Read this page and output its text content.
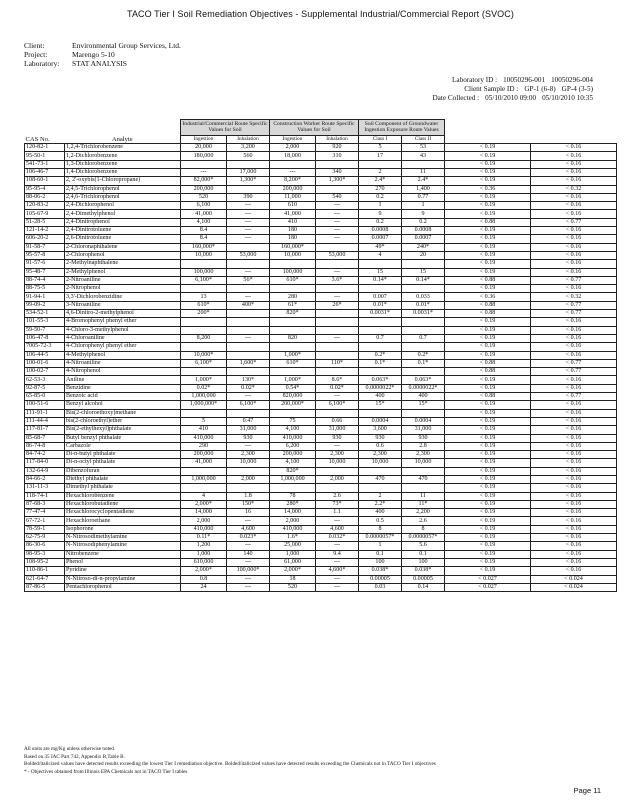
TACO Tier I Soil Remediation Objectives - Supplemental Industrial/Commercial Report (SVOC)
Client:	Environmental Group Services, Ltd.
Project:	Marengo 5-10
Laboratory: STAT ANALYSIS
Laboratory ID : 10050296-001 10050296-004
Client Sample ID : GP-1 (6-8) GP-4 (3-5)
Date Collected : 05/10/2010 09:00 05/10/2010 10:35
		Industrial/Commercial Route Specific Values for Soil		Construction Worker Route Specific Values for Soil		Soil Component of Groundwater Ingestion Exposure Route Values			
CAS No.	Analyte	Ingestion	Inhalation	Ingestion	Inhalation	Class I	Class II		
120-82-1	1,2,4-Trichlorobenzene	20,000	3,200	2,000	920	5	53	< 0.19	< 0.16
95-50-1	1,2-Dichlorobenzene	180,000	560	18,000	310	17	43	< 0.19	< 0.16
541-73-1	1,3-Dichlorobenzene							< 0.19	< 0.16
106-46-7	1,4-Dichlorobenzene	---	17,000	---	340	2	11	< 0.19	< 0.16
108-60-1	2, 2'-oxybis(1-Chloropropane)	82,000*	1,300*	8,200*	1,300*	2.4*	2.4*	< 0.19	< 0.16
95-95-4	2,4,5-Trichlorophenol	200,000		200,000		270	1,400	< 0.36	< 0.32
88-06-2	2,4,6-Trichlorophenol	520	390	11,000	540	0.2	0.77	< 0.19	< 0.16
120-83-2	2,4-Dichlorophenol	6,100	---	610	---	1	1	< 0.19	< 0.16
105-67-9	2,4-Dimethylphenol	41,000	---	41,000	---	9	9	< 0.19	< 0.16
51-28-5	2,4-Dinitrophenol	4,100	---	410	---	0.2	0.2	< 0.88	< 0.77
121-14-2	2,4-Dinitrotoluene	8.4	---	180	---	0.0008	0.0008	< 0.19	< 0.16
606-20-2	2,6-Dinitrotoluene	8.4	---	180	---	0.0007	0.0007	< 0.19	< 0.16
91-58-7	2-Chloronaphthalene	160,000*		160,000*		49*	240*	< 0.19	< 0.16
95-57-8	2-Chlorophenol	10,000	53,000	10,000	53,000	4	20	< 0.19	< 0.16
91-57-6	2-Methylnaphthalene							< 0.19	< 0.16
95-48-7	2-Methylphenol	100,000	---	100,000	---	15	15	< 0.19	< 0.16
88-74-4	2-Nitroaniline	6,100*	56*	610*	3.6*	0.14*	0.14*	< 0.88	< 0.77
88-75-5	2-Nitrophenol							< 0.19	< 0.16
91-94-1	3,3'-Dichlorobenzidine	13	---	280	---	0.007	0.033	< 0.36	< 0.32
99-09-2	3-Nitroaniline	610*	400*	61*	26*	0.01*	0.01*	< 0.88	< 0.77
534-52-1	4,6-Dinitro-2-methylphenol	200*		820*		0.0031*	0.0031*	< 0.88	< 0.77
101-55-3	4-Bromophenyl phenyl ether							< 0.19	< 0.16
59-50-7	4-Chloro-3-methylphenol							< 0.19	< 0.16
106-47-8	4-Chloroaniline	8,200	---	820	---	0.7	0.7	< 0.19	< 0.16
7005-72-3	4-Chlorophenyl phenyl ether							< 0.19	< 0.16
106-44-5	4-Methylphenol	10,000*		1,000*		0.2*	0.2*	< 0.19	< 0.16
100-01-6	4-Nitroaniline	6,100*	1,600*	610*	110*	0.1*	0.1*	< 0.88	< 0.77
100-02-7	4-Nitrophenol							< 0.88	< 0.77
62-53-3	Aniline	1,000*	130*	1,000*	8.6*	0.063*	0.063*	< 0.19	< 0.16
92-87-5	Benzidine	0.02*	0.02*	0.54*	0.02*	0.0000022*	0.0000022*	< 0.19	< 0.16
65-85-0	Benzoic acid	1,000,000	---	820,000	---	400	400	< 0.88	< 0.77
100-51-6	Benzyl alcohol	1,000,000*	6,100*	200,000*	6,100*	15*	15*	< 0.19	< 0.16
111-91-1	Bis(2-chloroethoxy)methane							< 0.19	< 0.16
111-44-4	bis(2-chloroethyl)ether	5	0.47	75	0.66	0.0004	0.0004	< 0.19	< 0.16
117-81-7	Bis(2-ethylhexyl)phthalate	410	31,000	4,100	31,000	3,600	31,000	< 0.19	< 0.16
85-68-7	Butyl benzyl phthalate	410,000	930	410,000	930	930	930	< 0.19	< 0.16
86-74-8	Carbazole	290	---	6,200	---	0.6	2.8	< 0.19	< 0.16
84-74-2	Di-n-butyl phthalate	200,000	2,300	200,000	2,300	2,300	2,300	< 0.19	< 0.16
117-84-0	Di-n-octyl phthalate	41,000	10,000	4,100	10,000	10,000	10,000	< 0.19	< 0.16
132-64-9	Dibenzofuran			820*				< 0.19	< 0.16
84-66-2	Diethyl phthalate	1,000,000	2,000	1,000,000	2,000	470	470	< 0.19	< 0.16
131-11-3	Dimethyl phthalate							< 0.19	< 0.16
118-74-1	Hexachlorobenzene	4	1.8	78	2.6	2	11	< 0.19	< 0.16
87-68-3	Hexachlorobutadiene	2,000*	150*	280*	73*	2.2*	11*	< 0.19	< 0.16
77-47-4	Hexachlorocyclopentadiene	14,000	16	14,000	1.1	400	2,200	< 0.19	< 0.16
67-72-1	Hexachloroethane	2,000	---	2,000	---	0.5	2.6	< 0.19	< 0.16
78-59-1	Isophorone	410,000	4,600	410,000	4,600	8	8	< 0.19	< 0.16
62-75-9	N-Nitrosodimethylamine	0.11*	0.023*	1.6*	0.032*	0.0000057*	0.0000057*	< 0.19	< 0.16
86-30-6	N-Nitrosodiphenylamine	1,200	---	25,000	---	1	5.6	< 0.19	< 0.16
98-95-3	Nitrobenzene	1,000	140	1,000	9.4	0.1	0.1	< 0.19	< 0.16
108-95-2	Phenol	610,000	---	61,000	---	100	100	< 0.19	< 0.16
110-86-1	Pyridine	2,000*	100,000*	2,000*	4,600*	0.038*	0.038*	< 0.19	< 0.16
621-64-7	N-Nitroso-di-n-propylamine	0.8	---	18	---	0.00005	0.00005	< 0.027	< 0.024
87-86-5	Pentachlorophenol	24	---	520	---	0.03	0.14	< 0.027	< 0.024
All units are mg/Kg unless otherwise noted.
Based on 35 IAC Part 742, Appendix B,Table B.
Bolded/italicized values have detected results exceeding the lowest Tier I remediation objective. Bolded/italicized values have detected results exceeding the Chemicals not in TACO Tier I objectives
* - Objectives obtained from Illinois EPA Chemicals not in TACO Tier I tables
Page 11
